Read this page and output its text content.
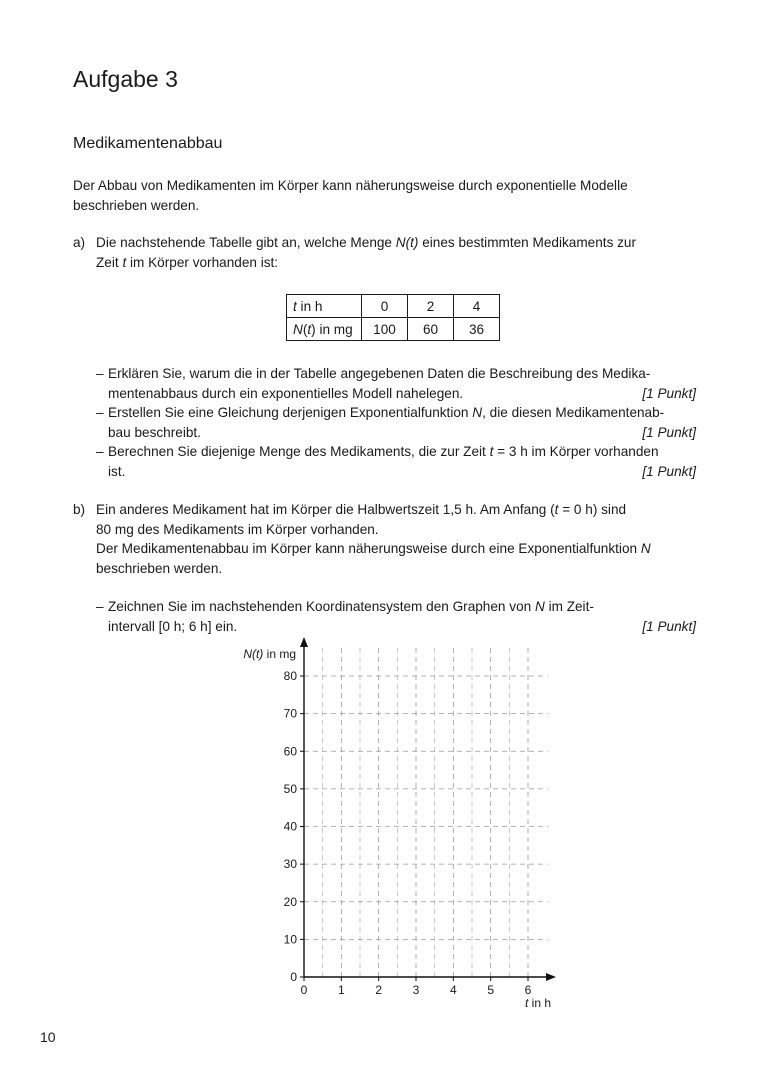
Aufgabe 3
Medikamentenabbau
Der Abbau von Medikamenten im Körper kann näherungsweise durch exponentielle Modelle beschrieben werden.
a) Die nachstehende Tabelle gibt an, welche Menge N(t) eines bestimmten Medikaments zur
Zeit t im Körper vorhanden ist:
t in h	0	2	4
N(t) in mg	100	60	36
– Erklären Sie, warum die in der Tabelle angegebenen Daten die Beschreibung des Medika-
mentenabbaus durch ein exponentielles Modell nahelegen.	[1 Punkt]
– Erstellen Sie eine Gleichung derjenigen Exponentialfunktion N, die diesen Medikamentenab-
bau beschreibt.	[1 Punkt]
– Berechnen Sie diejenige Menge des Medikaments, die zur Zeit t = 3 h im Körper vorhanden
ist.	[1 Punkt]
b) Ein anderes Medikament hat im Körper die Halbwertszeit 1,5 h. Am Anfang (t = 0 h) sind
80 mg des Medikaments im Körper vorhanden.
Der Medikamentenabbau im Körper kann näherungsweise durch eine Exponentialfunktion N
beschrieben werden.
– Zeichnen Sie im nachstehenden Koordinatensystem den Graphen von N im Zeit-
intervall [0 h; 6 h] ein.	[1 Punkt]
0	1	2	3	4	5	6
0
10
20
30
40
50
60
70
80
N(t) in mg
t in h
10
